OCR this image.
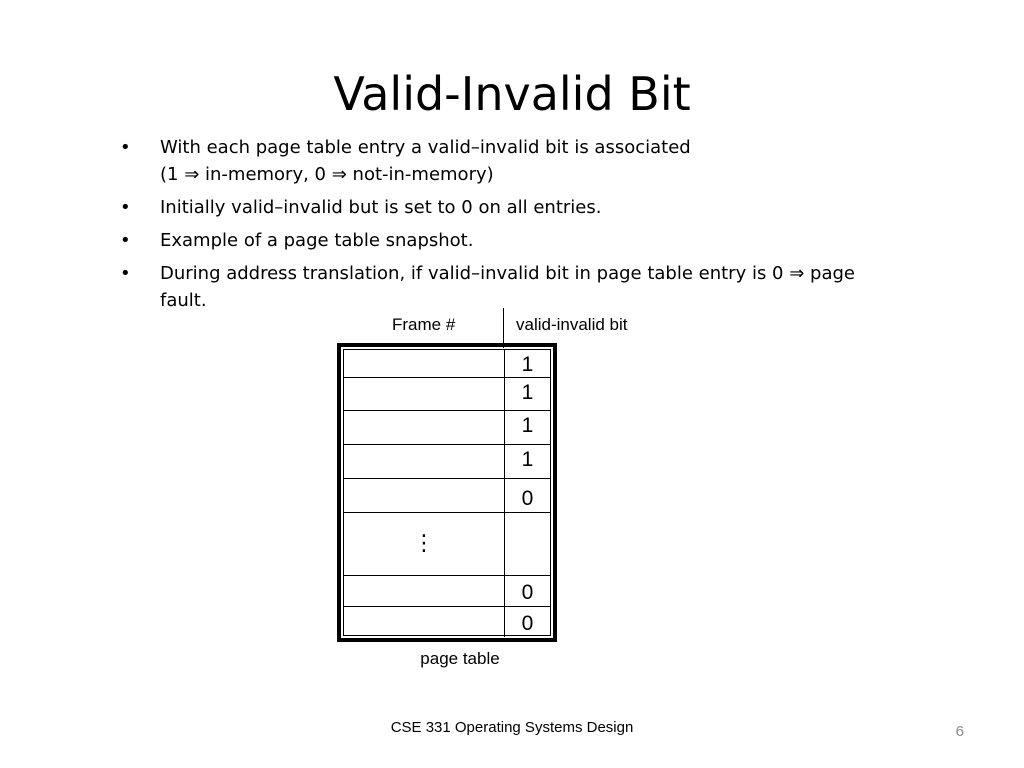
Valid-Invalid Bit
• With each page table entry a valid–invalid bit is associated
(1 ⇒ in-memory, 0 ⇒ not-in-memory)
• Initially valid–invalid but is set to 0 on all entries.
• Example of a page table snapshot.
• During address translation, if valid–invalid bit in page table entry is 0 ⇒ page
fault.
Frame #	valid-invalid bit
1
1
1
1
0
⋮
0
0
page table
CSE 331 Operating Systems Design	6
